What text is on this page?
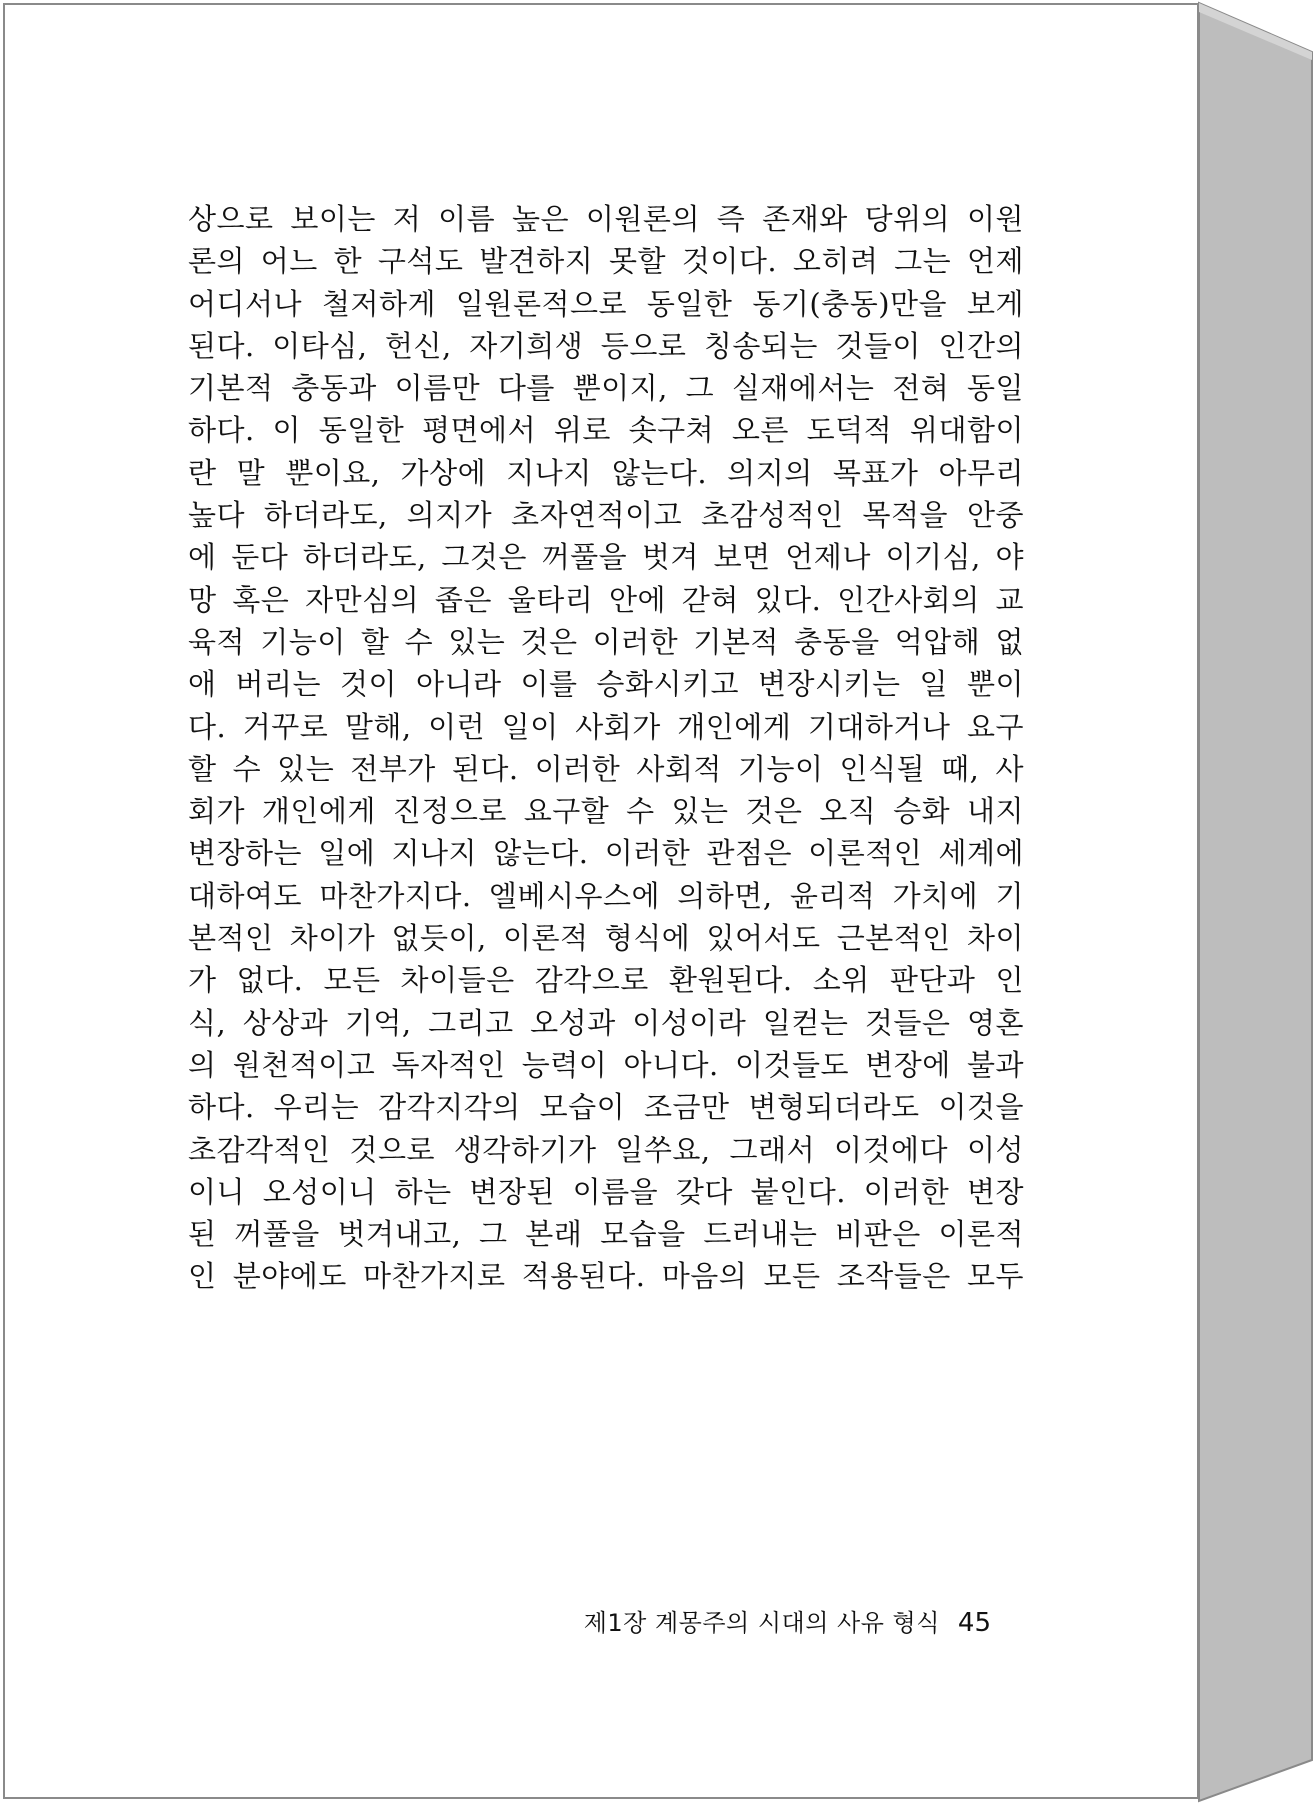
상으로 보이는 저 이름 높은 이원론의 즉 존재와 당위의 이원
론의 어느 한 구석도 발견하지 못할 것이다. 오히려 그는 언제
어디서나 철저하게 일원론적으로 동일한 동기(충동)만을 보게
된다. 이타심, 헌신, 자기희생 등으로 칭송되는 것들이 인간의
기본적 충동과 이름만 다를 뿐이지, 그 실재에서는 전혀 동일
하다. 이 동일한 평면에서 위로 솟구쳐 오른 도덕적 위대함이
란 말 뿐이요, 가상에 지나지 않는다. 의지의 목표가 아무리
높다 하더라도, 의지가 초자연적이고 초감성적인 목적을 안중
에 둔다 하더라도, 그것은 꺼풀을 벗겨 보면 언제나 이기심, 야
망 혹은 자만심의 좁은 울타리 안에 갇혀 있다. 인간사회의 교
육적 기능이 할 수 있는 것은 이러한 기본적 충동을 억압해 없
애 버리는 것이 아니라 이를 승화시키고 변장시키는 일 뿐이
다. 거꾸로 말해, 이런 일이 사회가 개인에게 기대하거나 요구
할 수 있는 전부가 된다. 이러한 사회적 기능이 인식될 때, 사
회가 개인에게 진정으로 요구할 수 있는 것은 오직 승화 내지
변장하는 일에 지나지 않는다. 이러한 관점은 이론적인 세계에
대하여도 마찬가지다. 엘베시우스에 의하면, 윤리적 가치에 기
본적인 차이가 없듯이, 이론적 형식에 있어서도 근본적인 차이
가 없다. 모든 차이들은 감각으로 환원된다. 소위 판단과 인
식, 상상과 기억, 그리고 오성과 이성이라 일컫는 것들은 영혼
의 원천적이고 독자적인 능력이 아니다. 이것들도 변장에 불과
하다. 우리는 감각지각의 모습이 조금만 변형되더라도 이것을
초감각적인 것으로 생각하기가 일쑤요, 그래서 이것에다 이성
이니 오성이니 하는 변장된 이름을 갖다 붙인다. 이러한 변장
된 꺼풀을 벗겨내고, 그 본래 모습을 드러내는 비판은 이론적
인 분야에도 마찬가지로 적용된다. 마음의 모든 조작들은 모두
제1장 계몽주의 시대의 사유 형식 45
